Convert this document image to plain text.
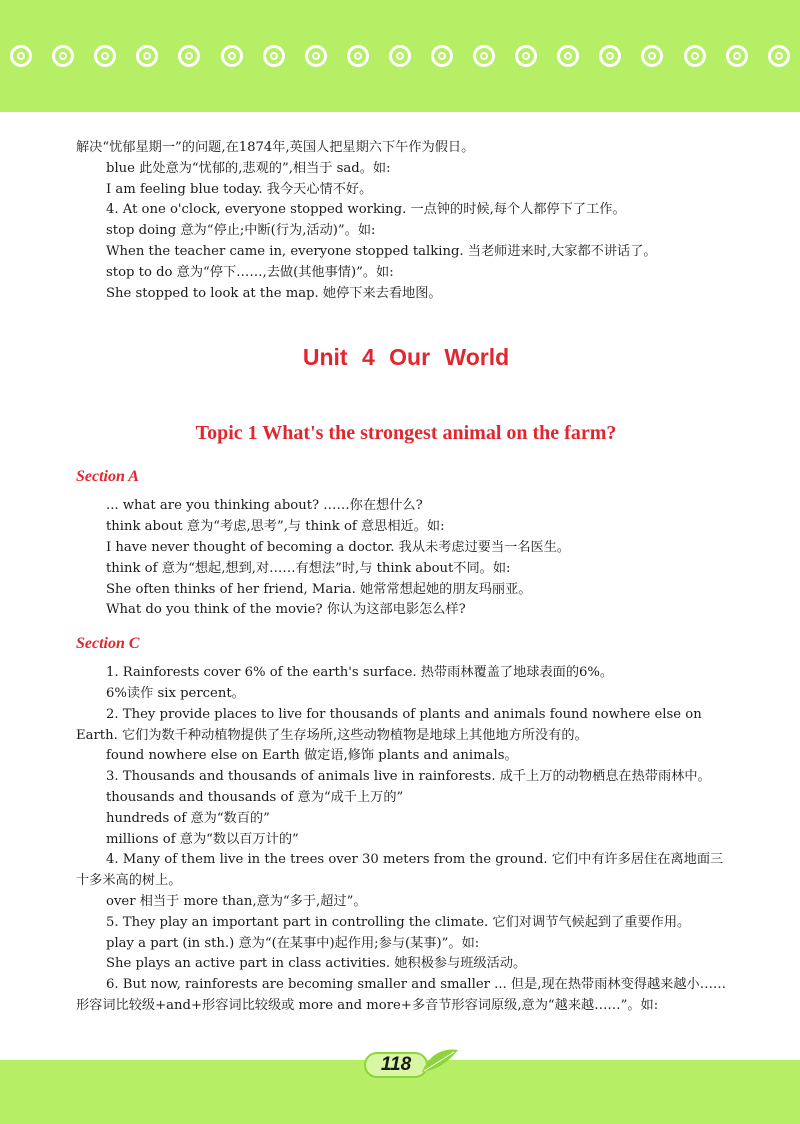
解决“忧郁星期一”的问题,在1874年,英国人把星期六下午作为假日。
blue 此处意为“忧郁的,悲观的”,相当于 sad。如:
I am feeling blue today. 我今天心情不好。
4. At one o'clock, everyone stopped working. 一点钟的时候,每个人都停下了工作。
stop doing 意为“停止;中断(行为,活动)”。如:
When the teacher came in, everyone stopped talking. 当老师进来时,大家都不讲话了。
stop to do 意为“停下……,去做(其他事情)”。如:
She stopped to look at the map. 她停下来去看地图。
Unit 4 Our World
Topic 1 What's the strongest animal on the farm?
Section A
... what are you thinking about? ……你在想什么?
think about 意为“考虑,思考”,与 think of 意思相近。如:
I have never thought of becoming a doctor. 我从未考虑过要当一名医生。
think of 意为“想起,想到,对……有想法”时,与 think about不同。如:
She often thinks of her friend, Maria. 她常常想起她的朋友玛丽亚。
What do you think of the movie? 你认为这部电影怎么样?
Section C
1. Rainforests cover 6% of the earth's surface. 热带雨林覆盖了地球表面的6%。
6%读作 six percent。
2. They provide places to live for thousands of plants and animals found nowhere else on Earth. 它们为数千种动植物提供了生存场所,这些动物植物是地球上其他地方所没有的。
found nowhere else on Earth 做定语,修饰 plants and animals。
3. Thousands and thousands of animals live in rainforests. 成千上万的动物栖息在热带雨林中。
thousands and thousands of 意为“成千上万的”
hundreds of 意为“数百的”
millions of 意为“数以百万计的”
4. Many of them live in the trees over 30 meters from the ground. 它们中有许多居住在离地面三十多米高的树上。
over 相当于 more than,意为“多于,超过”。
5. They play an important part in controlling the climate. 它们对调节气候起到了重要作用。
play a part (in sth.) 意为“(在某事中)起作用;参与(某事)”。如:
She plays an active part in class activities. 她积极参与班级活动。
6. But now, rainforests are becoming smaller and smaller ... 但是,现在热带雨林变得越来越小……
形容词比较级+and+形容词比较级或 more and more+多音节形容词原级,意为“越来越……”。如:
118
